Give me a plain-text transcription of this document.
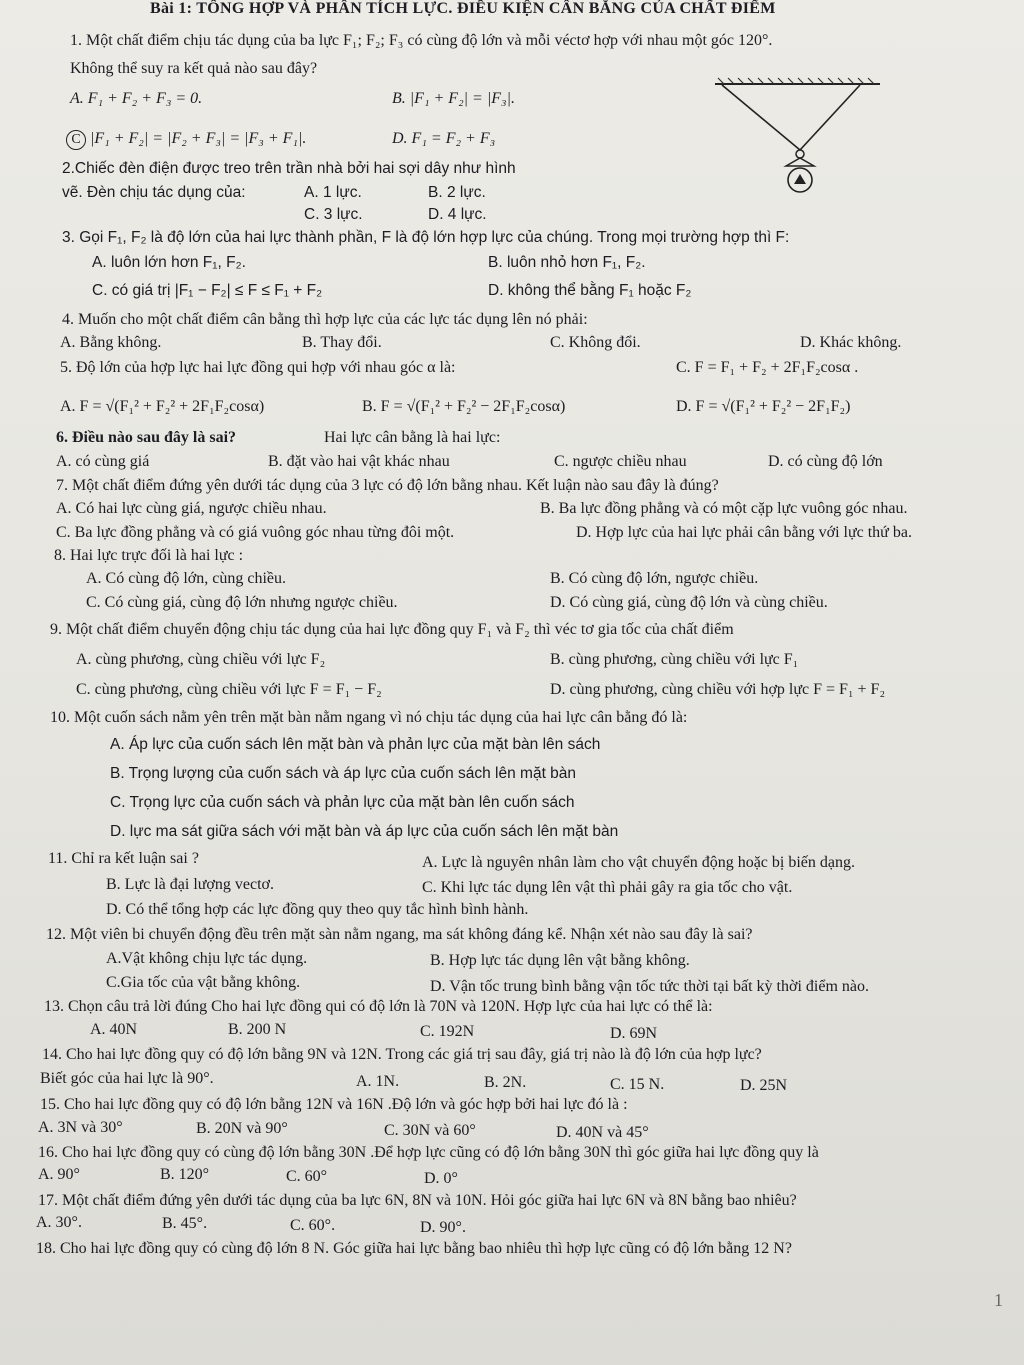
Bài 1: TỔNG HỢP VÀ PHÂN TÍCH LỰC. ĐIỀU KIỆN CÂN BẰNG CỦA CHẤT ĐIỂM
1. Một chất điểm chịu tác dụng của ba lực F₁; F₂; F₃ có cùng độ lớn và mỗi véctơ hợp với nhau một góc 120°.
Không thể suy ra kết quả nào sau đây?
A. F₁ + F₂ + F₃ = 0.	B. |F₁ + F₂| = |F₃|.
C |F₁ + F₂| = |F₂ + F₃| = |F₃ + F₁|.	D. F₁ = F₂ + F₃
2.Chiếc đèn điện được treo trên trần nhà bởi hai sợi dây như hình
vẽ. Đèn chịu tác dụng của:	A. 1 lực.	B. 2 lực.
C. 3 lực.	D. 4 lực.
3. Gọi F₁, F₂ là độ lớn của hai lực thành phần, F là độ lớn hợp lực của chúng. Trong mọi trường hợp thì F:
A. luôn lớn hơn F₁, F₂.	B. luôn nhỏ hơn F₁, F₂.
C. có giá trị |F₁ − F₂| ≤ F ≤ F₁ + F₂	D. không thể bằng F₁ hoặc F₂
4. Muốn cho một chất điểm cân bằng thì hợp lực của các lực tác dụng lên nó phải:
A. Bằng không.	B. Thay đổi.	C. Không đổi.	D. Khác không.
5. Độ lớn của hợp lực hai lực đồng qui hợp với nhau góc α là:	C. F = F₁ + F₂ + 2F₁F₂cosα .
A. F = √(F₁² + F₂² + 2F₁F₂cosα)	B. F = √(F₁² + F₂² − 2F₁F₂cosα)	D. F = √(F₁² + F₂² − 2F₁F₂)
6. Điều nào sau đây là sai?	Hai lực cân bằng là hai lực:
A. có cùng giá	B. đặt vào hai vật khác nhau	C. ngược chiều nhau	D. có cùng độ lớn
7. Một chất điểm đứng yên dưới tác dụng của 3 lực có độ lớn bằng nhau. Kết luận nào sau đây là đúng?
A. Có hai lực cùng giá, ngược chiều nhau.	B. Ba lực đồng phẳng và có một cặp lực vuông góc nhau.
C. Ba lực đồng phẳng và có giá vuông góc nhau từng đôi một.	D. Hợp lực của hai lực phải cân bằng với lực thứ ba.
8. Hai lực trực đối là hai lực :
A. Có cùng độ lớn, cùng chiều.	B. Có cùng độ lớn, ngược chiều.
C. Có cùng giá, cùng độ lớn nhưng ngược chiều.	D. Có cùng giá, cùng độ lớn và cùng chiều.
9. Một chất điểm chuyển động chịu tác dụng của hai lực đồng quy F₁ và F₂ thì véc tơ gia tốc của chất điểm
A. cùng phương, cùng chiều với lực F₂	B. cùng phương, cùng chiều với lực F₁
C. cùng phương, cùng chiều với lực F = F₁ − F₂	D. cùng phương, cùng chiều với hợp lực F = F₁ + F₂
10. Một cuốn sách nằm yên trên mặt bàn nằm ngang vì nó chịu tác dụng của hai lực cân bằng đó là:
A. Áp lực của cuốn sách lên mặt bàn và phản lực của mặt bàn lên sách
B. Trọng lượng của cuốn sách và áp lực của cuốn sách lên mặt bàn
C. Trọng lực của cuốn sách và phản lực của mặt bàn lên cuốn sách
D. lực ma sát giữa sách với mặt bàn và áp lực của cuốn sách lên mặt bàn
11. Chỉ ra kết luận sai ?	A. Lực là nguyên nhân làm cho vật chuyển động hoặc bị biến dạng.
B. Lực là đại lượng vectơ.	C. Khi lực tác dụng lên vật thì phải gây ra gia tốc cho vật.
D. Có thể tổng hợp các lực đồng quy theo quy tắc hình bình hành.
12. Một viên bi chuyển động đều trên mặt sàn nằm ngang, ma sát không đáng kể. Nhận xét nào sau đây là sai?
A.Vật không chịu lực tác dụng.	B. Hợp lực tác dụng lên vật bằng không.
C.Gia tốc của vật bằng không.	D. Vận tốc trung bình bằng vận tốc tức thời tại bất kỳ thời điểm nào.
13. Chọn câu trả lời đúng Cho hai lực đồng qui có độ lớn là 70N và 120N. Hợp lực của hai lực có thể là:
A. 40N	B. 200 N	C. 192N	D. 69N
14. Cho hai lực đồng quy có độ lớn bằng 9N và 12N. Trong các giá trị sau đây, giá trị nào là độ lớn của hợp lực?
Biết góc của hai lực là 90°.	A. 1N.	B. 2N.	C. 15 N.	D. 25N
15. Cho hai lực đồng quy có độ lớn bằng 12N và 16N .Độ lớn và góc hợp bởi hai lực đó là :
A. 3N và 30°	B. 20N và 90°	C. 30N và 60°	D. 40N và 45°
16. Cho hai lực đồng quy có cùng độ lớn bằng 30N .Để hợp lực cũng có độ lớn bằng 30N thì góc giữa hai lực đồng quy là
A. 90°	B. 120°	C. 60°	D. 0°
17. Một chất điểm đứng yên dưới tác dụng của ba lực 6N, 8N và 10N. Hỏi góc giữa hai lực 6N và 8N bằng bao nhiêu?
A. 30°.	B. 45°.	C. 60°.	D. 90°.
18. Cho hai lực đồng quy có cùng độ lớn 8 N. Góc giữa hai lực bằng bao nhiêu thì hợp lực cũng có độ lớn bằng 12 N?
1
